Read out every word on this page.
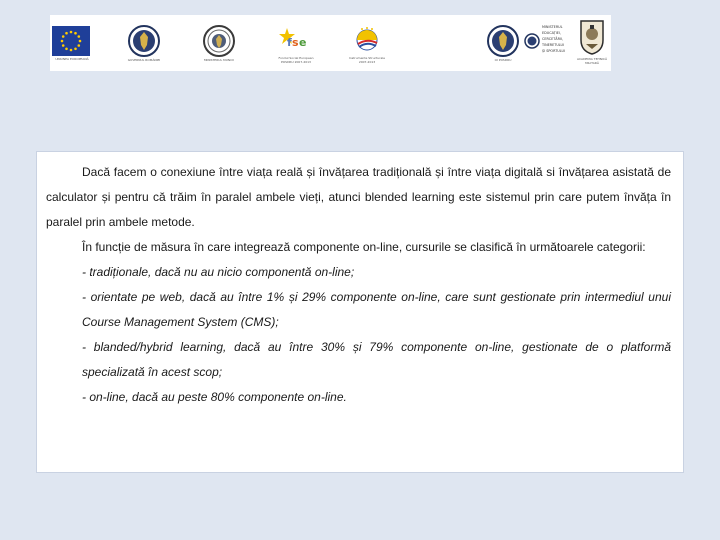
UNIUNEA EUROPEANĂ	GUVERNUL ROMÂNIEI	MINISTERUL MUNCII
f s e
Fondul Social European
POSDRU 2007-2013
Instrumente Structurale
2007-2013	OI POSDRU
MINISTERUL
EDUCAȚIEI,
CERCETĂRII,
TINERETULUI
ȘI SPORTULUI
ACADEMIA TEHNICĂ
MILITARĂ

Dacă facem o conexiune între viața reală și învățarea tradițională și între viața digitală si învățarea asistată de calculator și pentru că trăim în paralel ambele vieți, atunci blended learning este sistemul prin care putem învăța în paralel prin ambele metode.

În funcție de măsura în care integrează componente on-line, cursurile se clasifică în următoarele categorii:

- tradiționale, dacă nu au nicio componentă on-line;

- orientate pe web, dacă au între 1% și 29% componente on-line, care sunt gestionate prin intermediul unui Course Management System (CMS);

- blanded/hybrid learning, dacă au între 30% și 79% componente on-line, gestionate de o platformă specializată în acest scop;

- on-line, dacă au peste 80% componente on-line.
